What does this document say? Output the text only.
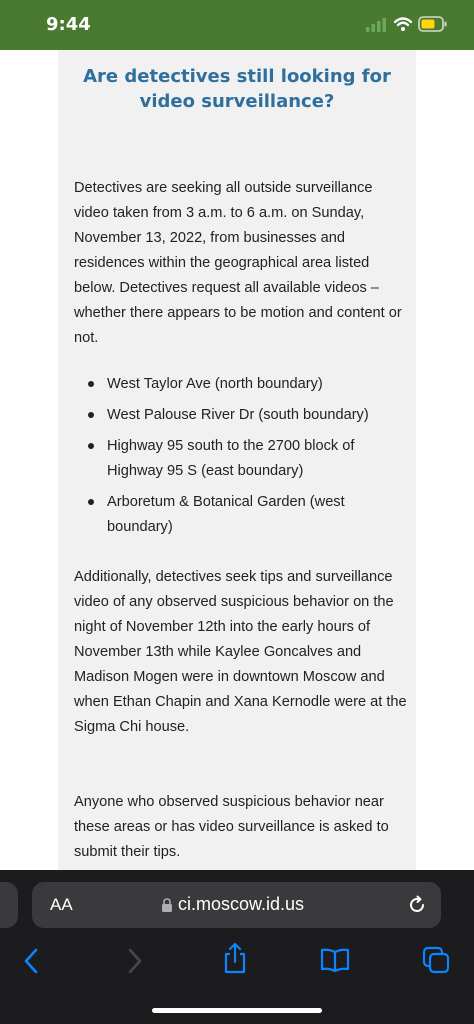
9:44
Are detectives still looking for video surveillance?

Detectives are seeking all outside surveillance video taken from 3 a.m. to 6 a.m. on Sunday, November 13, 2022, from businesses and residences within the geographical area listed below. Detectives request all available videos – whether there appears to be motion and content or not.

West Taylor Ave (north boundary)
West Palouse River Dr (south boundary)
Highway 95 south to the 2700 block of Highway 95 S (east boundary)
Arboretum & Botanical Garden (west boundary)

Additionally, detectives seek tips and surveillance video of any observed suspicious behavior on the night of November 12th into the early hours of November 13th while Kaylee Goncalves and Madison Mogen were in downtown Moscow and when Ethan Chapin and Xana Kernodle were at the Sigma Chi house.

Anyone who observed suspicious behavior near these areas or has video surveillance is asked to submit their tips.

AA	ci.moscow.id.us
